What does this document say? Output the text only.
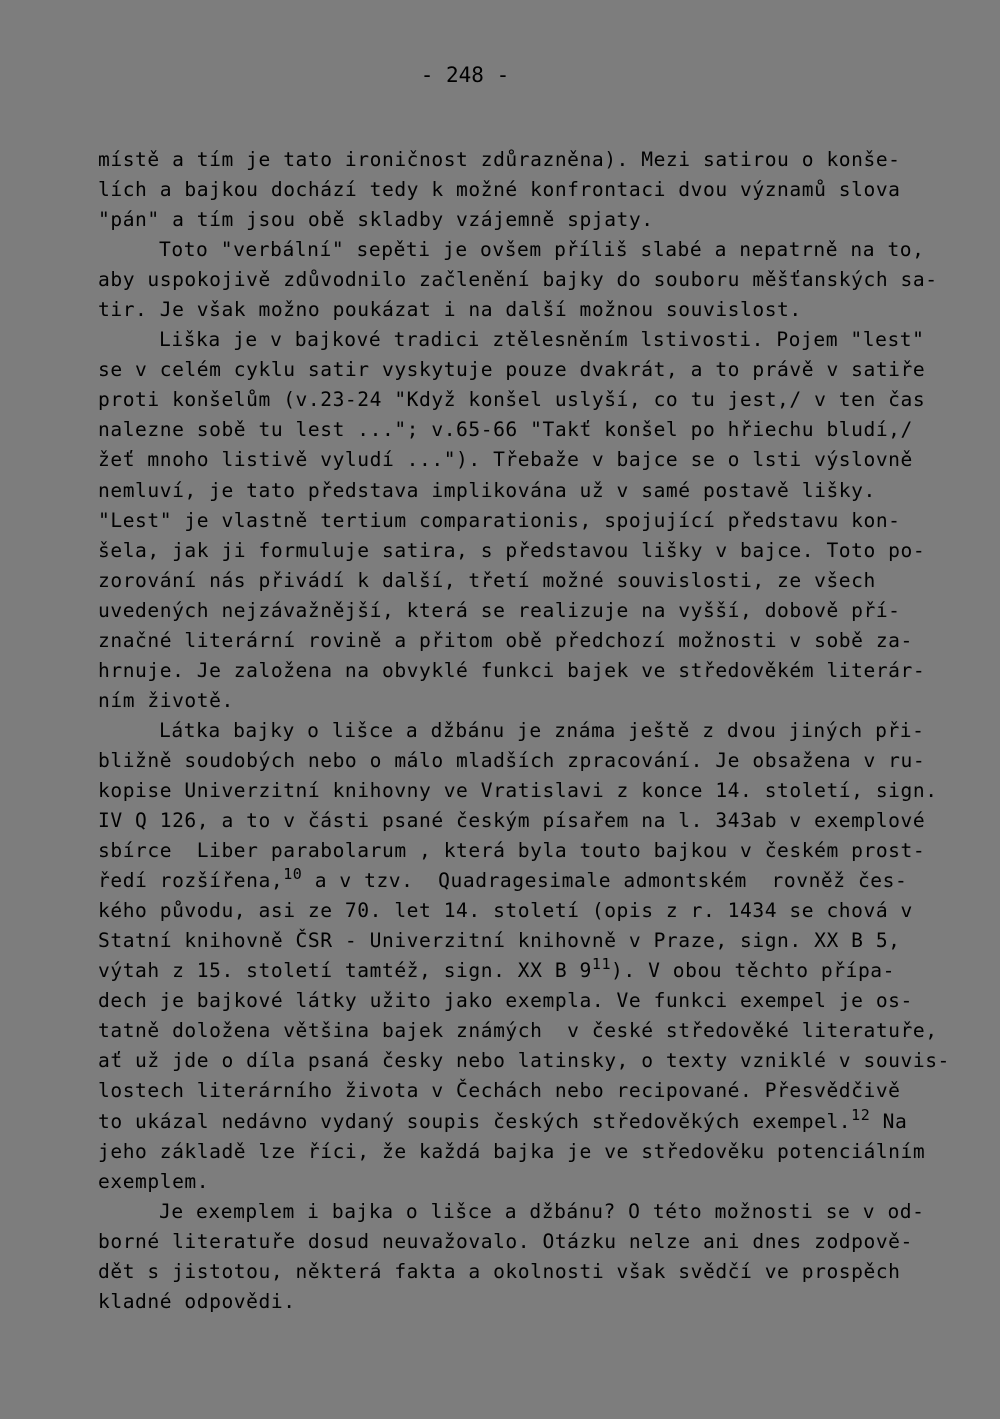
- 248 -
místě a tím je tato ironičnost zdůrazněna). Mezi satirou o konše-
lích a bajkou dochází tedy k možné konfrontaci dvou významů slova
"pán" a tím jsou obě skladby vzájemně spjaty.
Toto "verbální" sepěti je ovšem příliš slabé a nepatrně na to,
aby uspokojivě zdůvodnilo začlenění bajky do souboru měšťanských sa-
tir. Je však možno poukázat i na další možnou souvislost.
Liška je v bajkové tradici ztělesněním lstivosti. Pojem "lest"
se v celém cyklu satir vyskytuje pouze dvakrát, a to právě v satiře
proti konšelům (v.23-24 "Když konšel uslyší, co tu jest,/ v ten čas
nalezne sobě tu lest ..."; v.65-66 "Takť konšel po hřiechu bludí,/
žeť mnoho listivě vyludí ..."). Třebaže v bajce se o lsti výslovně
nemluví, je tato představa implikována už v samé postavě lišky.
"Lest" je vlastně tertium comparationis, spojující představu kon-
šela, jak ji formuluje satira, s představou lišky v bajce. Toto po-
zorování nás přivádí k další, třetí možné souvislosti, ze všech
uvedených nejzávažnější, která se realizuje na vyšší, dobově pří-
značné literární rovině a přitom obě předchozí možnosti v sobě za-
hrnuje. Je založena na obvyklé funkci bajek ve středověkém literár-
ním životě.
Látka bajky o lišce a džbánu je známa ještě z dvou jiných při-
bližně soudobých nebo o málo mladších zpracování. Je obsažena v ru-
kopise Univerzitní knihovny ve Vratislavi z konce 14. století, sign.
IV Q 126, a to v části psané českým písařem na l. 343ab v exemplové
sbírce  Liber parabolarum , která byla touto bajkou v českém prost-
ředí rozšířena,$^{10}$ a v tzv.  Quadragesimale admontském  rovněž čes-
kého původu, asi ze 70. let 14. století (opis z r. 1434 se chová v
Statní knihovně ČSR - Univerzitní knihovně v Praze, sign. XX B 5,
výtah z 15. století tamtéž, sign. XX B $9^{11}$). V obou těchto přípa-
dech je bajkové látky užito jako exempla. Ve funkci exempel je os-
tatně doložena většina bajek známých  v české středověké literatuře,
ať už jde o díla psaná česky nebo latinsky, o texty vzniklé v souvis-
lostech literárního života v Čechách nebo recipované. Přesvědčivě
to ukázal nedávno vydaný soupis českých středověkých exempel.$^{12}$ Na
jeho základě lze říci, že každá bajka je ve středověku potenciálním
exemplem.
Je exemplem i bajka o lišce a džbánu? O této možnosti se v od-
borné literatuře dosud neuvažovalo. Otázku nelze ani dnes zodpově-
dět s jistotou, některá fakta a okolnosti však svědčí ve prospěch
kladné odpovědi.
